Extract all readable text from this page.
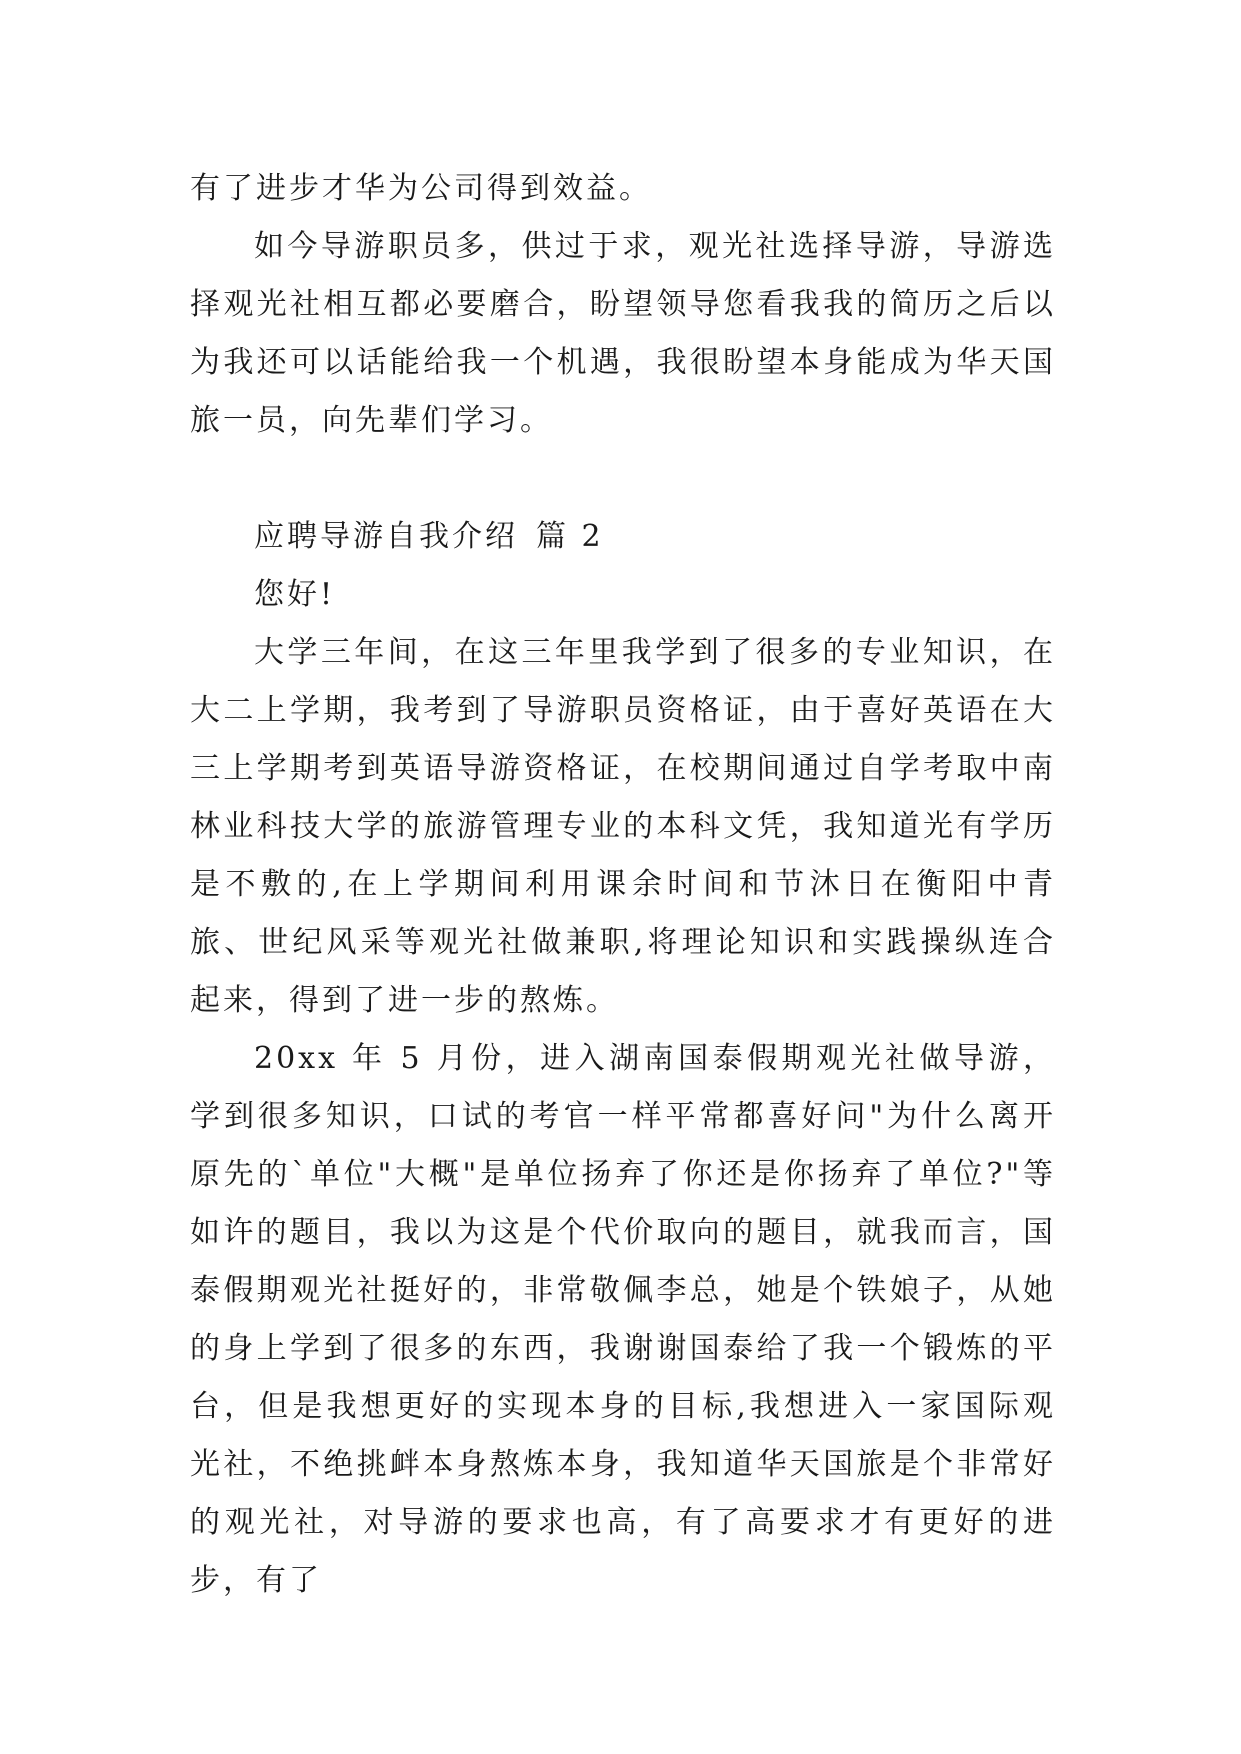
有了进步才华为公司得到效益。

如今导游职员多，供过于求，观光社选择导游，导游选择观光社相互都必要磨合，盼望领导您看我我的简历之后以为我还可以话能给我一个机遇，我很盼望本身能成为华天国旅一员，向先辈们学习。

应聘导游自我介绍 篇 2

您好!

大学三年间，在这三年里我学到了很多的专业知识，在大二上学期，我考到了导游职员资格证，由于喜好英语在大三上学期考到英语导游资格证，在校期间通过自学考取中南林业科技大学的旅游管理专业的本科文凭，我知道光有学历是不敷的,在上学期间利用课余时间和节沐日在衡阳中青旅、世纪风采等观光社做兼职,将理论知识和实践操纵连合起来，得到了进一步的熬炼。

20xx 年 5 月份，进入湖南国泰假期观光社做导游，学到很多知识，口试的考官一样平常都喜好问"为什么离开原先的`单位"大概"是单位扬弃了你还是你扬弃了单位?"等如许的题目，我以为这是个代价取向的题目，就我而言，国泰假期观光社挺好的，非常敬佩李总，她是个铁娘子，从她的身上学到了很多的东西，我谢谢国泰给了我一个锻炼的平台，但是我想更好的实现本身的目标,我想进入一家国际观光社，不绝挑衅本身熬炼本身，我知道华天国旅是个非常好的观光社，对导游的要求也高，有了高要求才有更好的进步，有了
